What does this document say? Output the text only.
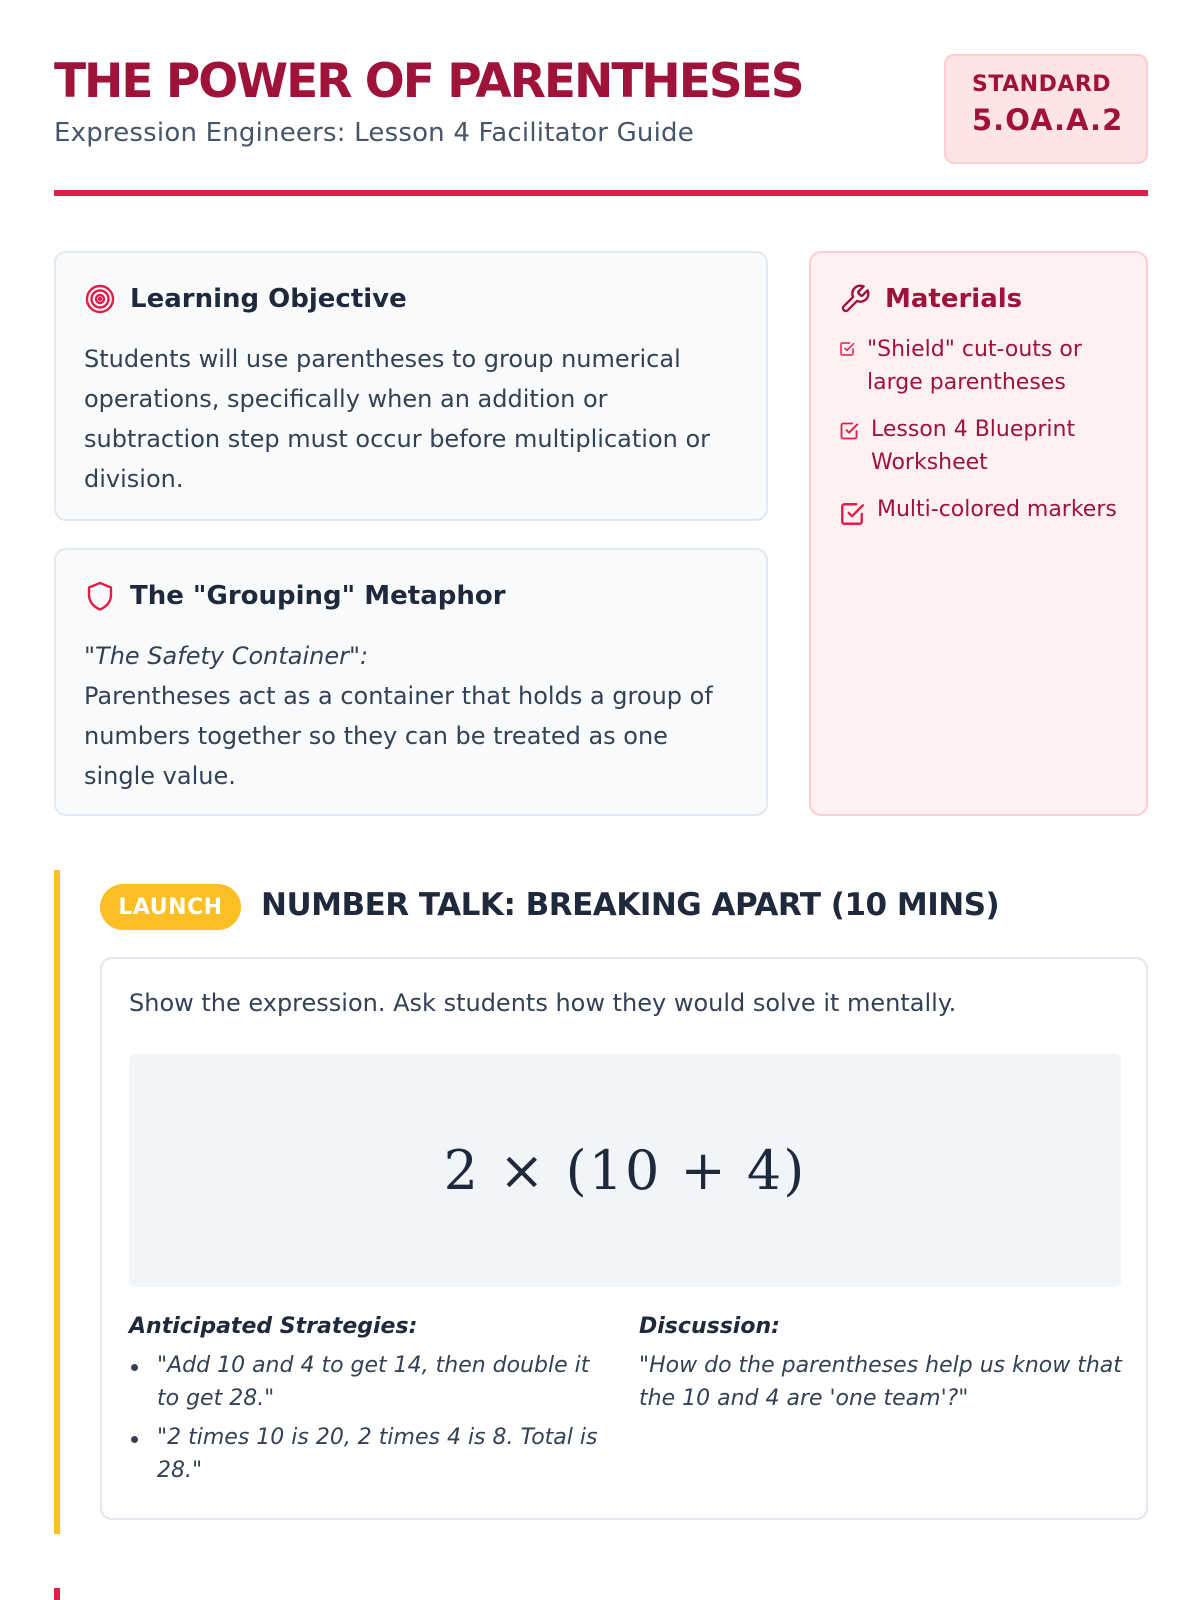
THE POWER OF PARENTHESES
Expression Engineers: Lesson 4 Facilitator Guide
STANDARD
5.OA.A.2
Learning Objective

Students will use parentheses to group numerical operations, specifically when an addition or subtraction step must occur before multiplication or division.

The "Grouping" Metaphor
"The Safety Container":
Parentheses act as a container that holds a group of numbers together so they can be treated as one single value.
Materials
"Shield" cut-outs or large parentheses
Lesson 4 Blueprint Worksheet
Multi-colored markers
LAUNCH	NUMBER TALK: BREAKING APART (10 MINS)

Show the expression. Ask students how they would solve it mentally.

2 × (10 + 4)
Anticipated Strategies:
"Add 10 and 4 to get 14, then double it to get 28."
"2 times 10 is 20, 2 times 4 is 8. Total is 28."
Discussion:

"How do the parentheses help us know that the 10 and 4 are 'one team'?"
